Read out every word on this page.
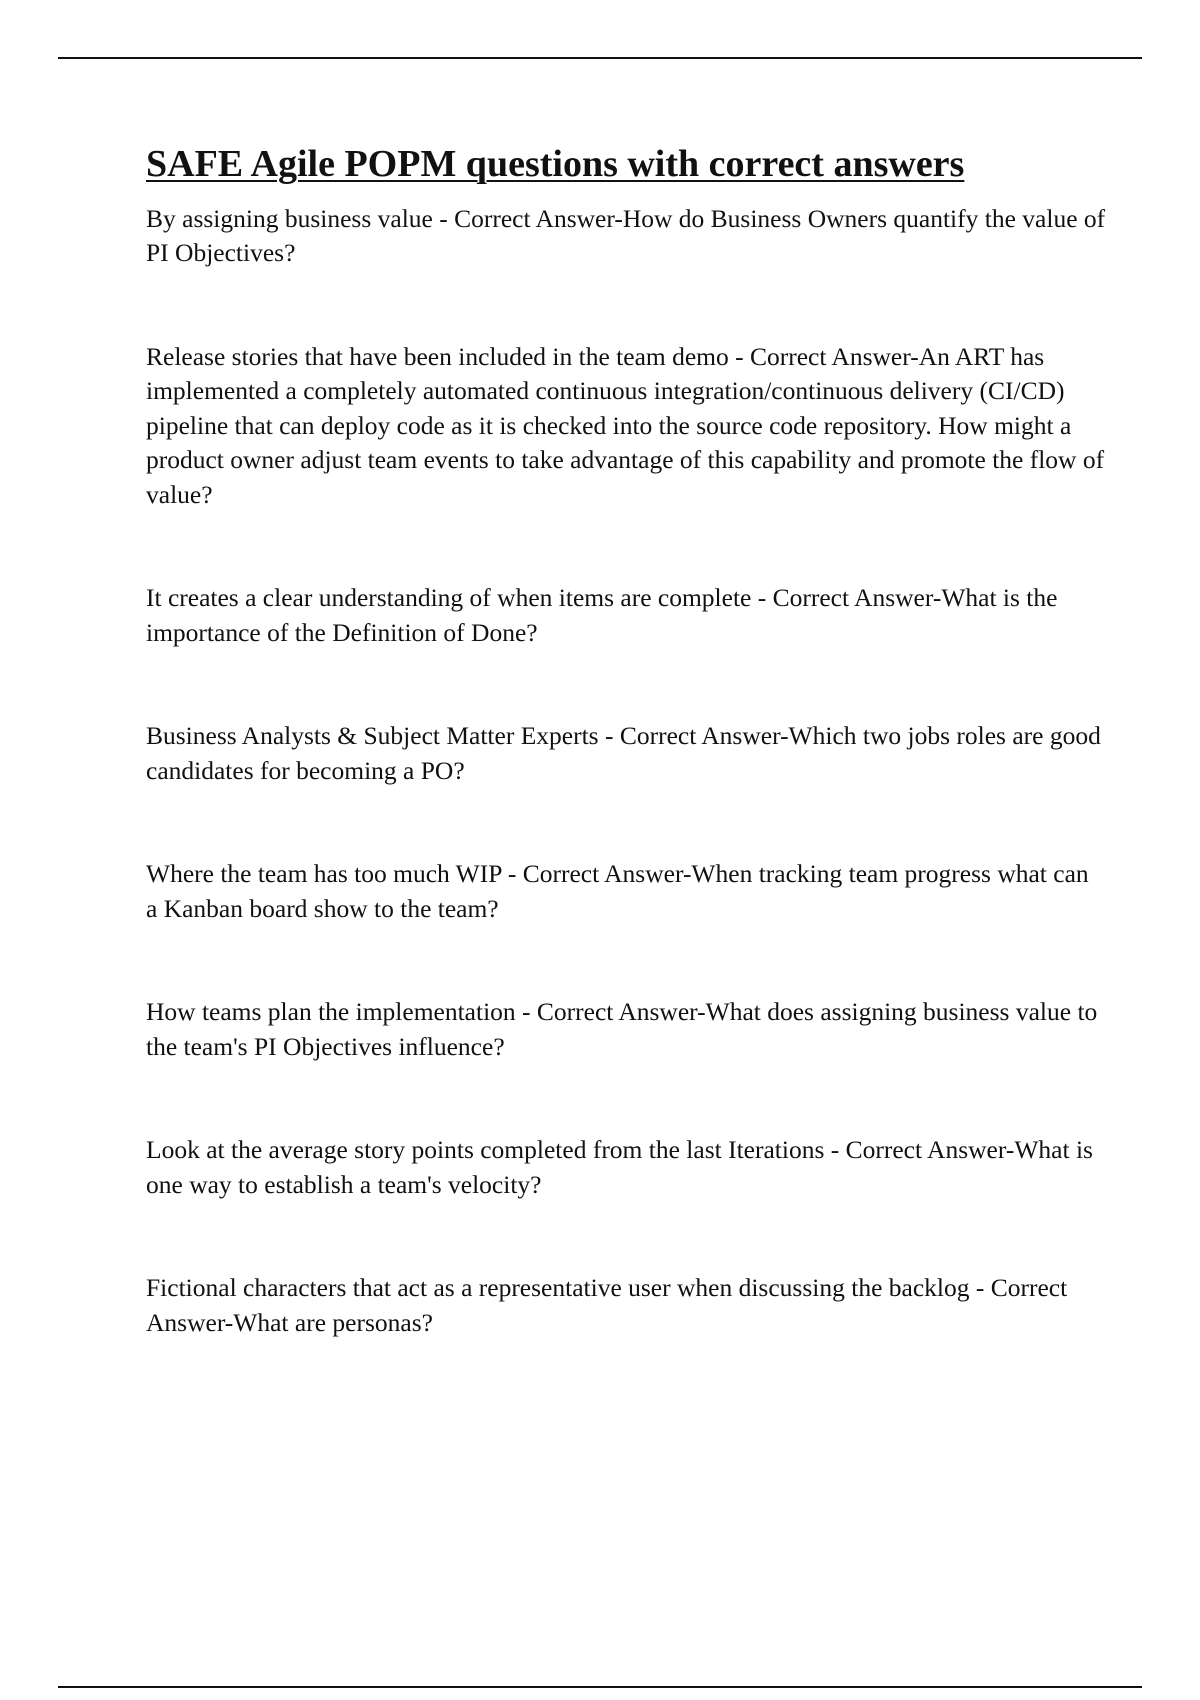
SAFE Agile POPM questions with correct answers
By assigning business value - Correct Answer-How do Business Owners quantify the value of PI Objectives?
Release stories that have been included in the team demo - Correct Answer-An ART has implemented a completely automated continuous integration/continuous delivery (CI/CD) pipeline that can deploy code as it is checked into the source code repository. How might a product owner adjust team events to take advantage of this capability and promote the flow of value?
It creates a clear understanding of when items are complete - Correct Answer-What is the importance of the Definition of Done?
Business Analysts & Subject Matter Experts - Correct Answer-Which two jobs roles are good candidates for becoming a PO?
Where the team has too much WIP - Correct Answer-When tracking team progress what can a Kanban board show to the team?
How teams plan the implementation - Correct Answer-What does assigning business value to the team's PI Objectives influence?
Look at the average story points completed from the last Iterations - Correct Answer-What is one way to establish a team's velocity?
Fictional characters that act as a representative user when discussing the backlog - Correct Answer-What are personas?
